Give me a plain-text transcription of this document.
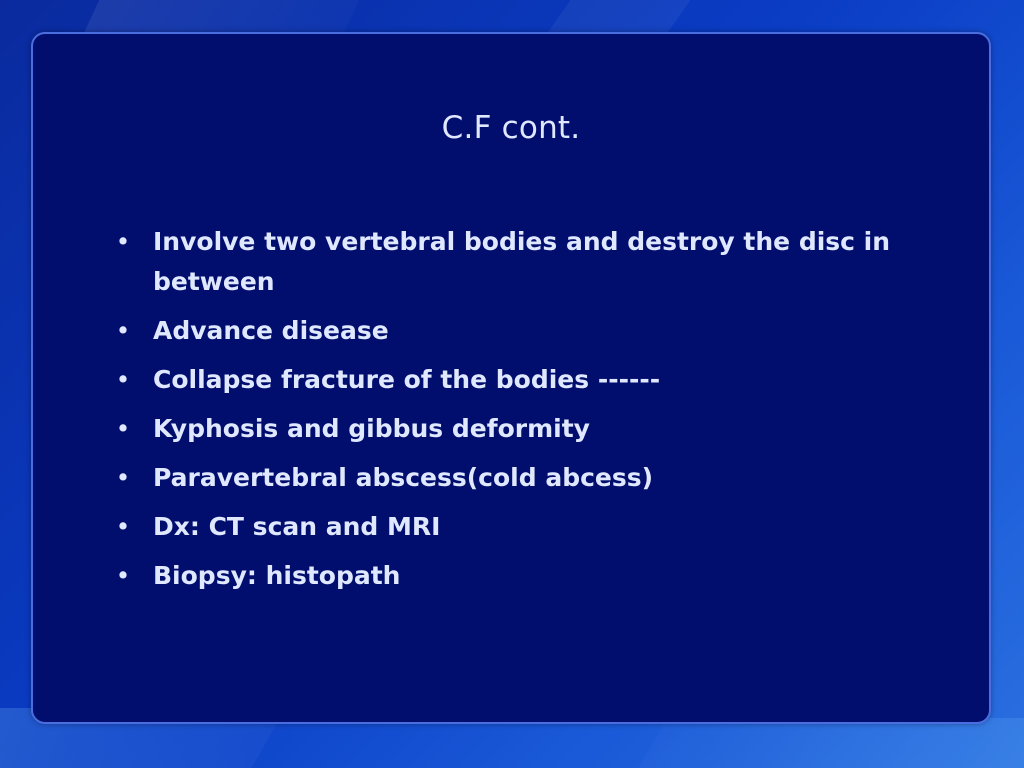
C.F cont.
• Involve two vertebral bodies and destroy the disc in between
• Advance disease
• Collapse fracture of the bodies ------
• Kyphosis and gibbus deformity
• Paravertebral abscess(cold abcess)
• Dx: CT scan and MRI
• Biopsy: histopath
